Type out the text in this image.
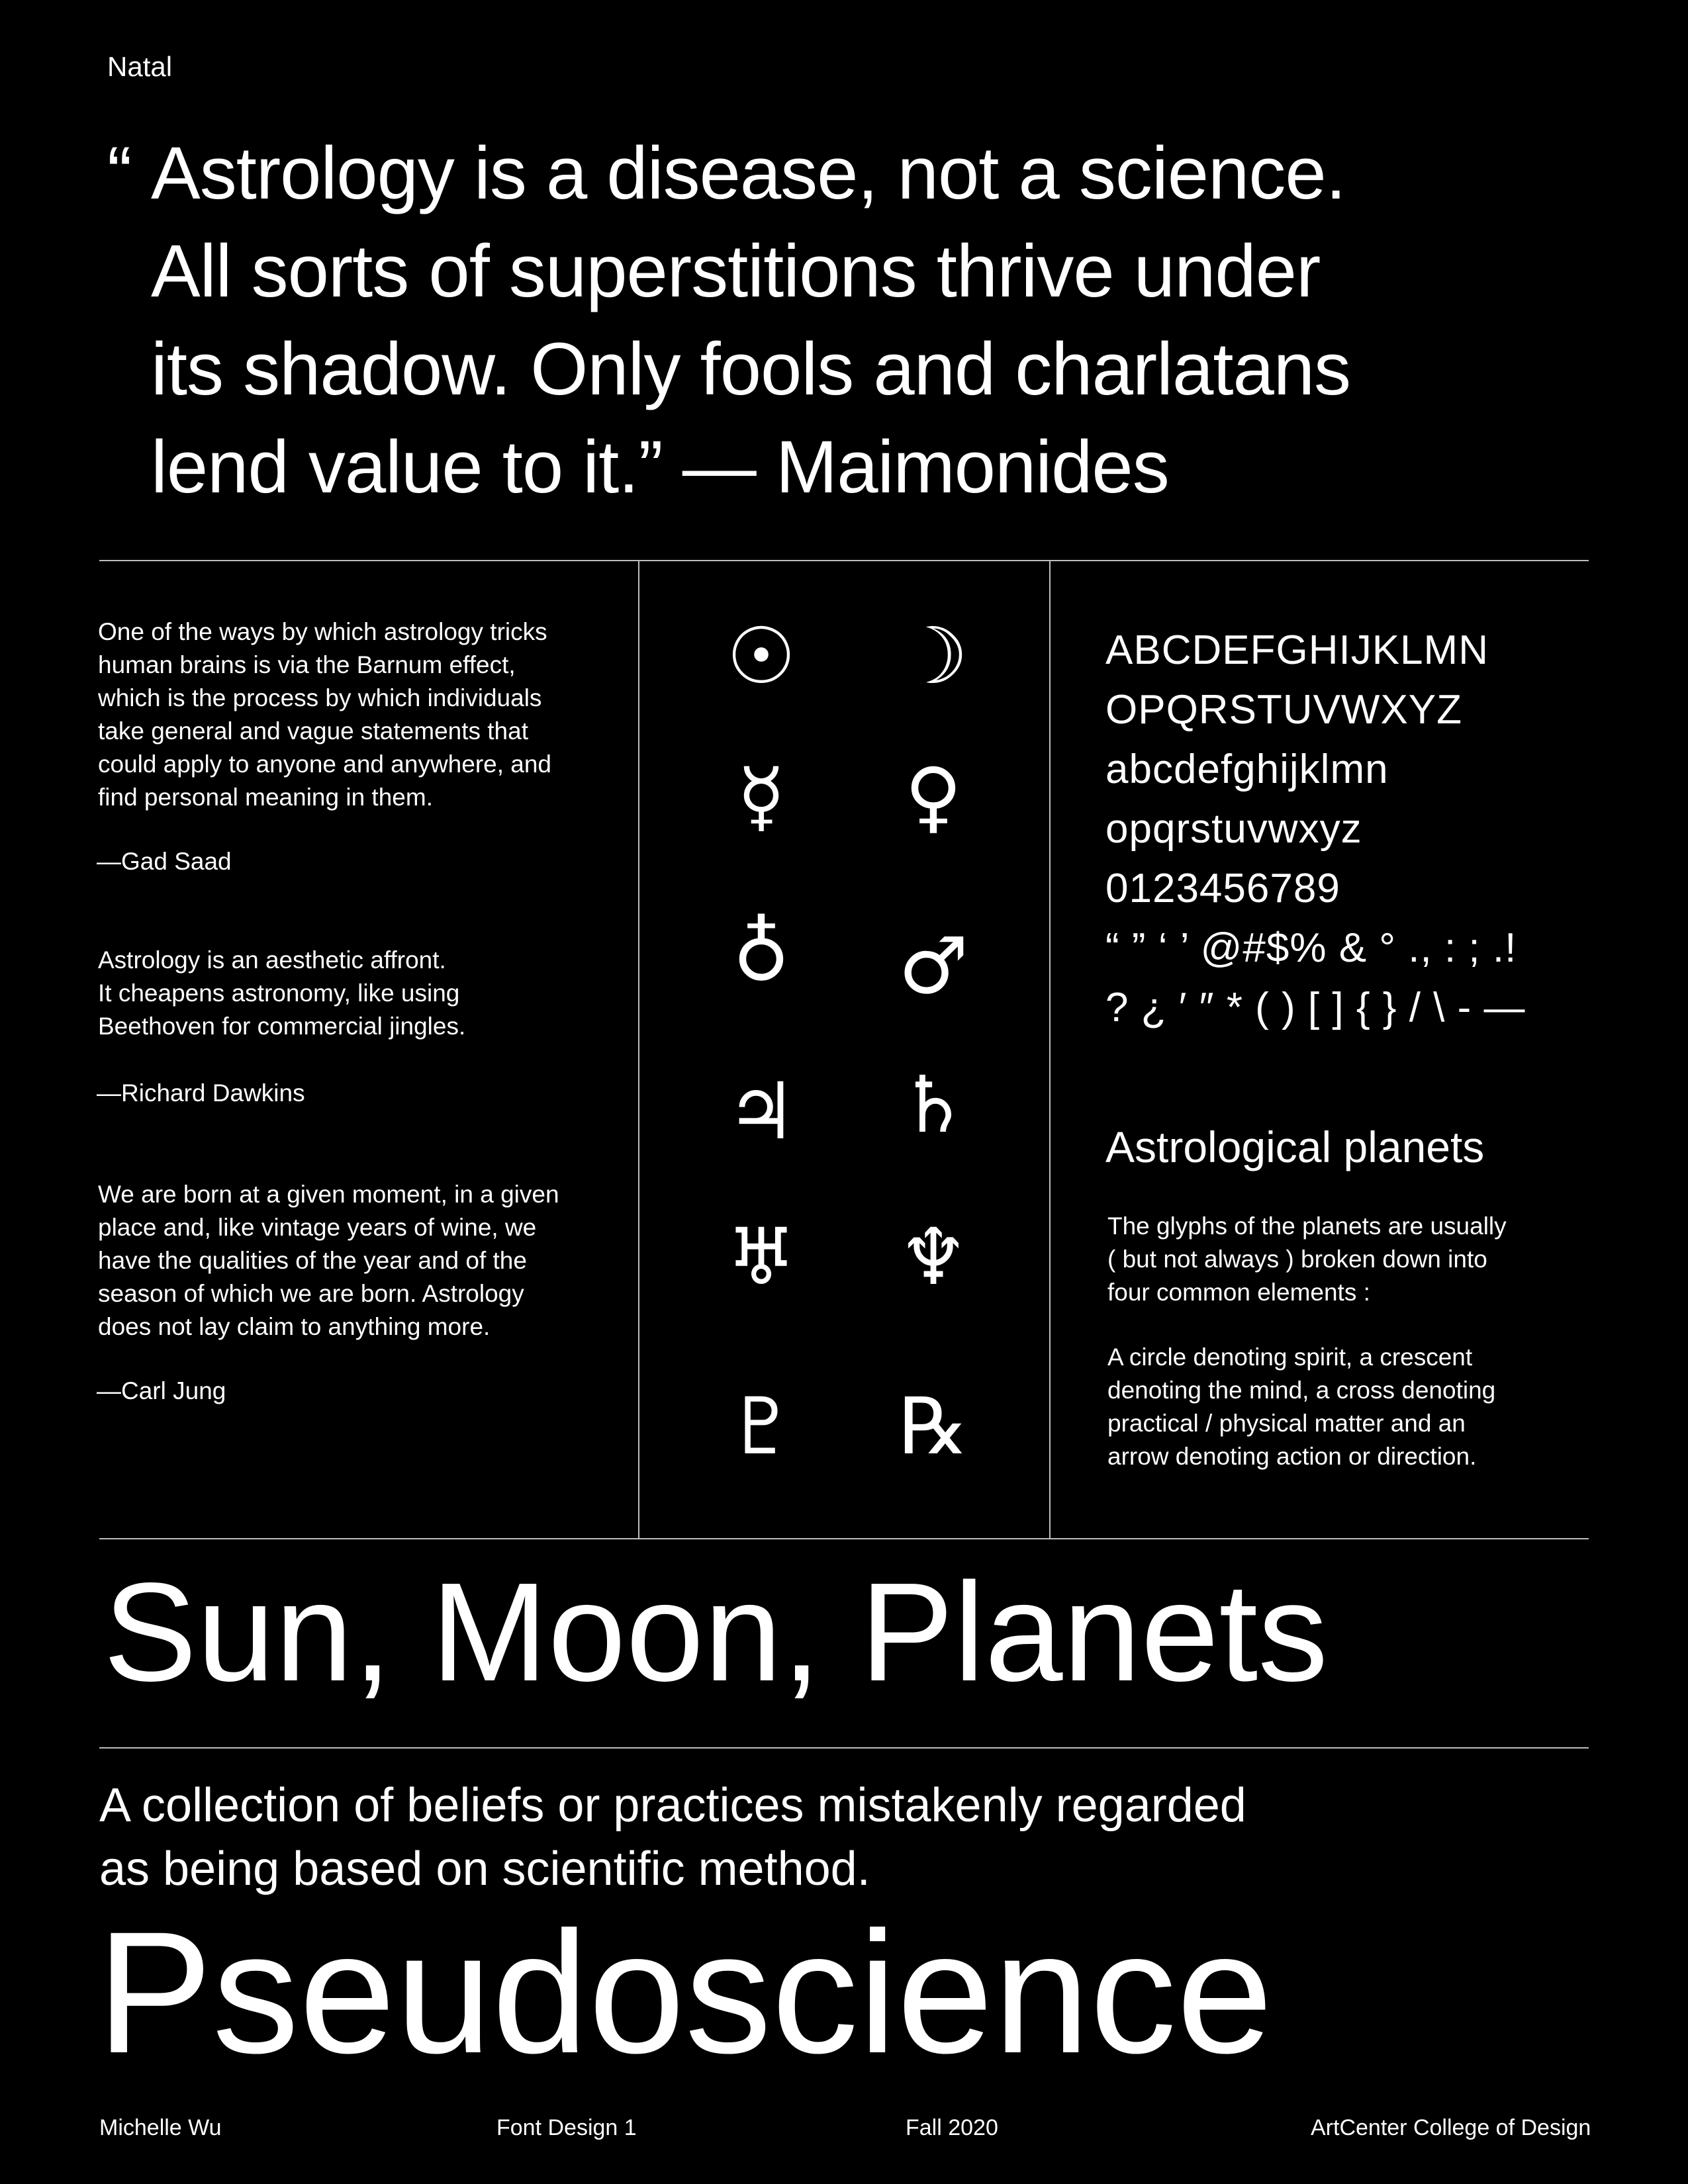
Natal
“ Astrology is a disease, not a science.
All sorts of superstitions thrive under
its shadow. Only fools and charlatans
lend value to it.” — Maimonides
One of the ways by which astrology tricks
human brains is via the Barnum effect,
which is the process by which individuals
take general and vague statements that
could apply to anyone and anywhere, and
find personal meaning in them.
—Gad Saad
Astrology is an aesthetic affront.
It cheapens astronomy, like using
Beethoven for commercial jingles.
—Richard Dawkins
We are born at a given moment, in a given
place and, like vintage years of wine, we
have the qualities of the year and of the
season of which we are born. Astrology
does not lay claim to anything more.
—Carl Jung
☉	☽
☿	♀
♁	♂
♃	♄
♅	♆
♇	℞
ABCDEFGHIJKLMN
OPQRSTUVWXYZ
abcdefghijklmn
opqrstuvwxyz
0123456789
“ ” ‘ ’ @#$% & ° ., : ; .!
? ¿ ′ ″ * ( ) [ ] { } / \ - —
Astrological planets
The glyphs of the planets are usually
( but not always ) broken down into
four common elements :
A circle denoting spirit, a crescent
denoting the mind, a cross denoting
practical / physical matter and an
arrow denoting action or direction.
Sun, Moon, Planets
A collection of beliefs or practices mistakenly regarded
as being based on scientific method.
Pseudoscience
Michelle Wu	Font Design 1	Fall 2020	ArtCenter College of Design
